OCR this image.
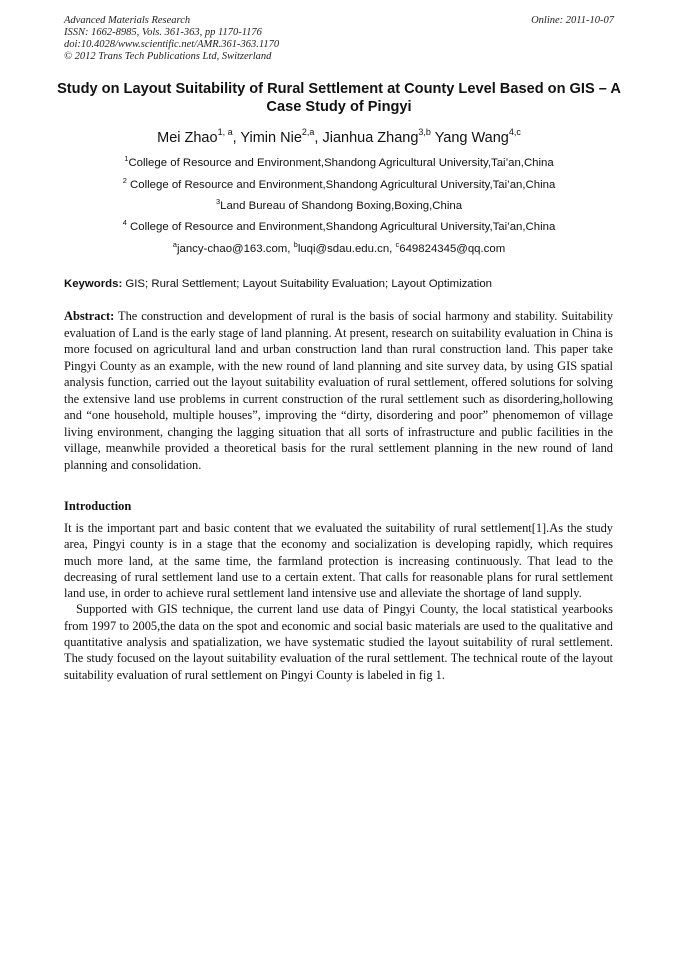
Advanced Materials Research
ISSN: 1662-8985, Vols. 361-363, pp 1170-1176
doi:10.4028/www.scientific.net/AMR.361-363.1170
© 2012 Trans Tech Publications Ltd, Switzerland
Online: 2011-10-07
Study on Layout Suitability of Rural Settlement at County Level Based on GIS – A Case Study of Pingyi
Mei Zhao$^{1, a}$, Yimin Nie$^{2,a}$, Jianhua Zhang$^{3,b}$ Yang Wang$^{4,c}$
$^1$College of Resource and Environment,Shandong Agricultural University,Tai’an,China
$^2$ College of Resource and Environment,Shandong Agricultural University,Tai’an,China
$^3$Land Bureau of Shandong Boxing,Boxing,China
$^4$ College of Resource and Environment,Shandong Agricultural University,Tai’an,China
$^a$jancy-chao@163.com, $^b$luqi@sdau.edu.cn, $^c$649824345@qq.com
Keywords: GIS; Rural Settlement; Layout Suitability Evaluation; Layout Optimization
Abstract: The construction and development of rural is the basis of social harmony and stability. Suitability evaluation of Land is the early stage of land planning. At present, research on suitability evaluation in China is more focused on agricultural land and urban construction land than rural construction land. This paper take Pingyi County as an example, with the new round of land planning and site survey data, by using GIS spatial analysis function, carried out the layout suitability evaluation of rural settlement, offered solutions for solving the extensive land use problems in current construction of the rural settlement such as disordering,hollowing and “one household, multiple houses”, improving the “dirty, disordering and poor” phenomemon of village living environment, changing the lagging situation that all sorts of infrastructure and public facilities in the village, meanwhile provided a theoretical basis for the rural settlement planning in the new round of land planning and consolidation.
Introduction

It is the important part and basic content that we evaluated the suitability of rural settlement[1].As the study area, Pingyi county is in a stage that the economy and socialization is developing rapidly, which requires much more land, at the same time, the farmland protection is increasing continuously. That lead to the decreasing of rural settlement land use to a certain extent. That calls for reasonable plans for rural settlement land use, in order to achieve rural settlement land intensive use and alleviate the shortage of land supply.

Supported with GIS technique, the current land use data of Pingyi County, the local statistical yearbooks from 1997 to 2005,the data on the spot and economic and social basic materials are used to the qualitative and quantitative analysis and spatialization, we have systematic studied the layout suitability of rural settlement. The study focused on the layout suitability evaluation of the rural settlement. The technical route of the layout suitability evaluation of rural settlement on Pingyi County is labeled in fig 1.
